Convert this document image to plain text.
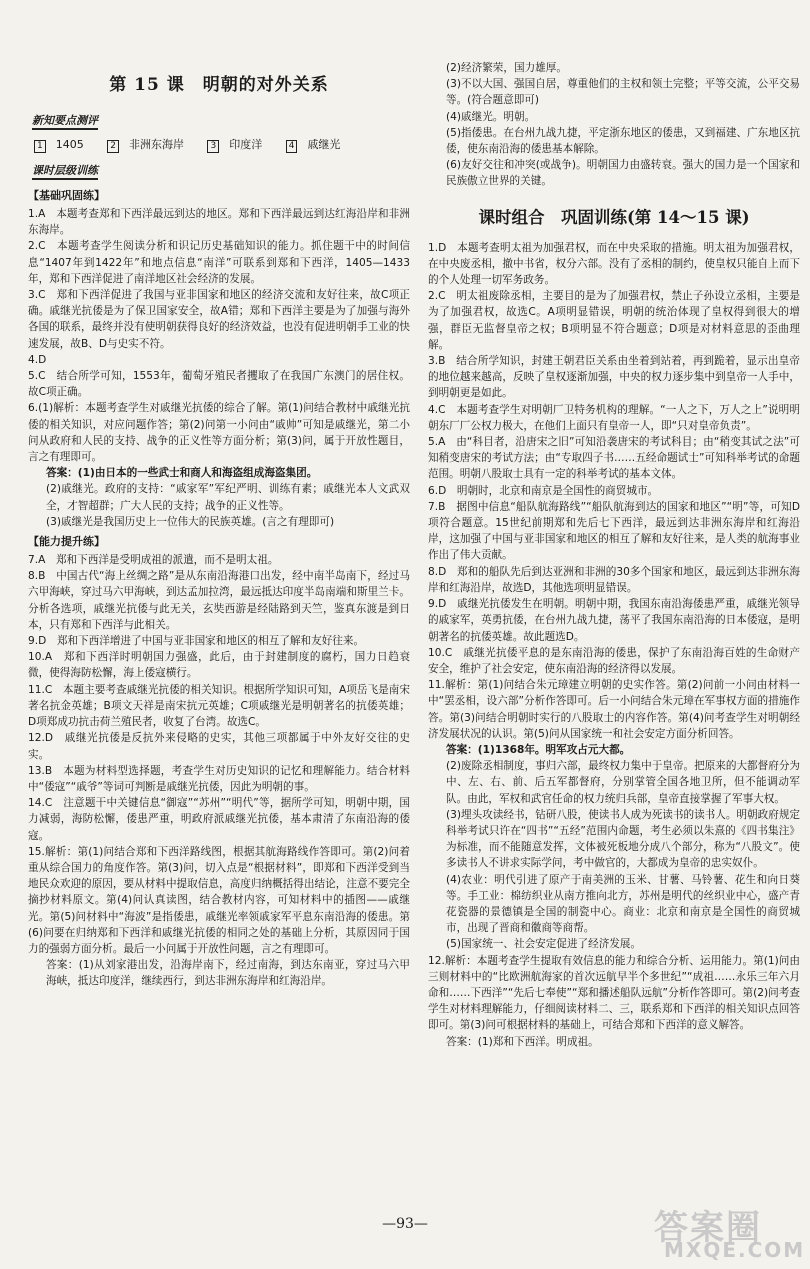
第 15 课　明朝的对外关系
新知要点测评
1 1405	2 非洲东海岸	3 印度洋	4 戚继光
课时层级训练
【基础巩固练】

1.A　本题考查郑和下西洋最远到达的地区。郑和下西洋最远到达红海沿岸和非洲东海岸。

2.C　本题考查学生阅读分析和识记历史基础知识的能力。抓住题干中的时间信息“1407年到1422年”和地点信息“南洋”可联系到郑和下西洋，1405—1433年，郑和下西洋促进了南洋地区社会经济的发展。

3.C　郑和下西洋促进了我国与亚非国家和地区的经济交流和友好往来，故C项正确。戚继光抗倭是为了保卫国家安全，故A错；郑和下西洋主要是为了加强与海外各国的联系，最终并没有使明朝获得良好的经济效益，也没有促进明朝手工业的快速发展，故B、D与史实不符。

4.D

5.C　结合所学可知，1553年，葡萄牙殖民者攫取了在我国广东澳门的居住权。故C项正确。

6.(1)解析：本题考查学生对戚继光抗倭的综合了解。第(1)问结合教材中戚继光抗倭的相关知识，对应问题作答；第(2)问第一小问由“戚帅”可知是戚继光，第二小问从政府和人民的支持、战争的正义性等方面分析；第(3)问，属于开放性题目，言之有理即可。

答案：(1)由日本的一些武士和商人和海盗组成海盗集团。

(2)戚继光。政府的支持：“戚家军”军纪严明、训练有素；戚继光本人文武双全，才智超群；广大人民的支持；战争的正义性等。

(3)戚继光是我国历史上一位伟大的民族英雄。(言之有理即可)

【能力提升练】

7.A　郑和下西洋是受明成祖的派遣，而不是明太祖。

8.B　中国古代“海上丝绸之路”是从东南沿海港口出发，经中南半岛南下，经过马六甲海峡，穿过马六甲海峡，到达孟加拉湾，最远抵达印度半岛南端和斯里兰卡。分析各选项，戚继光抗倭与此无关，玄奘西游是经陆路到天竺，鉴真东渡是到日本，只有郑和下西洋与此相关。

9.D　郑和下西洋增进了中国与亚非国家和地区的相互了解和友好往来。

10.A　郑和下西洋时明朝国力强盛，此后，由于封建制度的腐朽，国力日趋衰微，使得海防松懈，海上倭寇横行。

11.C　本题主要考查戚继光抗倭的相关知识。根据所学知识可知，A项岳飞是南宋著名抗金英雄；B项文天祥是南宋抗元英雄；C项戚继光是明朝著名的抗倭英雄；D项郑成功抗击荷兰殖民者，收复了台湾。故选C。

12.D　戚继光抗倭是反抗外来侵略的史实，其他三项都属于中外友好交往的史实。

13.B　本题为材料型选择题，考查学生对历史知识的记忆和理解能力。结合材料中“倭寇”“戚爷”等词可判断是戚继光抗倭，因此为明朝的事。

14.C　注意题干中关键信息“御寇”“苏州”“明代”等，据所学可知，明朝中期，国力减弱，海防松懈，倭患严重，明政府派戚继光抗倭，基本肃清了东南沿海的倭寇。

15.解析：第(1)问结合郑和下西洋路线图，根据其航海路线作答即可。第(2)问着重从综合国力的角度作答。第(3)问，切入点是“根据材料”，即郑和下西洋受到当地民众欢迎的原因，要从材料中提取信息，高度归纳概括得出结论，注意不要完全摘抄材料原文。第(4)问认真读图，结合教材内容，可知材料中的插图——戚继光。第(5)问材料中“海波”是指倭患，戚继光率领戚家军平息东南沿海的倭患。第(6)问要在归纳郑和下西洋和戚继光抗倭的相同之处的基础上分析，其原因同于国力的强弱方面分析。最后一小问属于开放性问题，言之有理即可。

答案：(1)从刘家港出发，沿海岸南下，经过南海，到达东南亚，穿过马六甲海峡，抵达印度洋，继续西行，到达非洲东海岸和红海沿岸。

(2)经济繁荣，国力雄厚。

(3)不以大国、强国自居，尊重他们的主权和领土完整；平等交流，公平交易等。(符合题意即可)

(4)戚继光。明朝。

(5)指倭患。在台州九战九捷，平定浙东地区的倭患，又到福建、广东地区抗倭，使东南沿海的倭患基本解除。

(6)友好交往和冲突(或战争)。明朝国力由盛转衰。强大的国力是一个国家和民族傲立世界的关键。

课时组合　巩固训练(第 14～15 课)

1.D　本题考查明太祖为加强君权，而在中央采取的措施。明太祖为加强君权，在中央废丞相，撤中书省，权分六部。没有了丞相的制约，使皇权只能自上而下的个人处理一切军务政务。

2.C　明太祖废除丞相，主要目的是为了加强君权，禁止子孙设立丞相，主要是为了加强君权，故选C。A项明显错误，明朝的统治体现了皇权得到很大的增强，群臣无监督皇帝之权；B项明显不符合题意；D项是对材料意思的歪曲理解。

3.B　结合所学知识，封建王朝君臣关系由坐着到站着，再到跪着，显示出皇帝的地位越来越高，反映了皇权逐渐加强，中央的权力逐步集中到皇帝一人手中，到明朝更是如此。

4.C　本题考查学生对明朝厂卫特务机构的理解。“一人之下，万人之上”说明明朝东厂厂公权力极大，在他们上面只有皇帝一人，即“只对皇帝负责”。

5.A　由“科目者，沿唐宋之旧”可知沿袭唐宋的考试科目；由“稍变其试之法”可知稍变唐宋的考试方法；由“专取四子书……五经命题试士”可知科举考试的命题范围。明朝八股取士具有一定的科举考试的基本文体。

6.D　明朝时，北京和南京是全国性的商贸城市。

7.B　据图中信息“船队航海路线”“船队航海到达的国家和地区”“明”等，可知D项符合题意。15世纪前期郑和先后七下西洋，最远到达非洲东海岸和红海沿岸，这加强了中国与亚非国家和地区的相互了解和友好往来，是人类的航海事业作出了伟大贡献。

8.D　郑和的船队先后到达亚洲和非洲的30多个国家和地区，最远到达非洲东海岸和红海沿岸，故选D，其他选项明显错误。

9.D　戚继光抗倭发生在明朝。明朝中期，我国东南沿海倭患严重，戚继光领导的戚家军，英勇抗倭，在台州九战九捷，荡平了我国东南沿海的日本倭寇，是明朝著名的抗倭英雄。故此题选D。

10.C　戚继光抗倭平息的是东南沿海的倭患，保护了东南沿海百姓的生命财产安全，维护了社会安定，使东南沿海的经济得以发展。

11.解析：第(1)问结合朱元璋建立明朝的史实作答。第(2)问前一小问由材料一中“罢丞相，设六部”分析作答即可。后一小问结合朱元璋在军事权方面的措施作答。第(3)问结合明朝时实行的八股取士的内容作答。第(4)问考查学生对明朝经济发展状况的认识。第(5)问从国家统一和社会安定方面分析回答。

答案：(1)1368年。明军攻占元大都。

(2)废除丞相制度，事归六部，最终权力集中于皇帝。把原来的大都督府分为中、左、右、前、后五军都督府，分别掌管全国各地卫所，但不能调动军队。由此，军权和武官任命的权力统归兵部，皇帝直接掌握了军事大权。

(3)埋头攻读经书，钻研八股，使读书人成为死读书的读书人。明朝政府规定科举考试只许在“四书”“五经”范围内命题，考生必须以朱熹的《四书集注》为标准，而不能随意发挥，文体被死板地分成八个部分，称为“八股文”。使多读书人不讲求实际学问，考中做官的，大都成为皇帝的忠实奴仆。

(4)农业：明代引进了原产于南美洲的玉米、甘薯、马铃薯、花生和向日葵等。手工业：棉纺织业从南方推向北方，苏州是明代的丝织业中心，盛产青花瓷器的景德镇是全国的制瓷中心。商业：北京和南京是全国性的商贸城市，出现了晋商和徽商等商帮。

(5)国家统一、社会安定促进了经济发展。

12.解析：本题考查学生提取有效信息的能力和综合分析、运用能力。第(1)问由三则材料中的“比欧洲航海家的首次远航早半个多世纪”“成祖……永乐三年六月命和……下西洋”“先后七奉使”“郑和播述船队远航”分析作答即可。第(2)问考查学生对材料理解能力，仔细阅读材料二、三，联系郑和下西洋的相关知识点回答即可。第(3)问可根据材料的基础上，可结合郑和下西洋的意义解答。

答案：(1)郑和下西洋。明成祖。

—93—	答案圈
MXQE.COM
